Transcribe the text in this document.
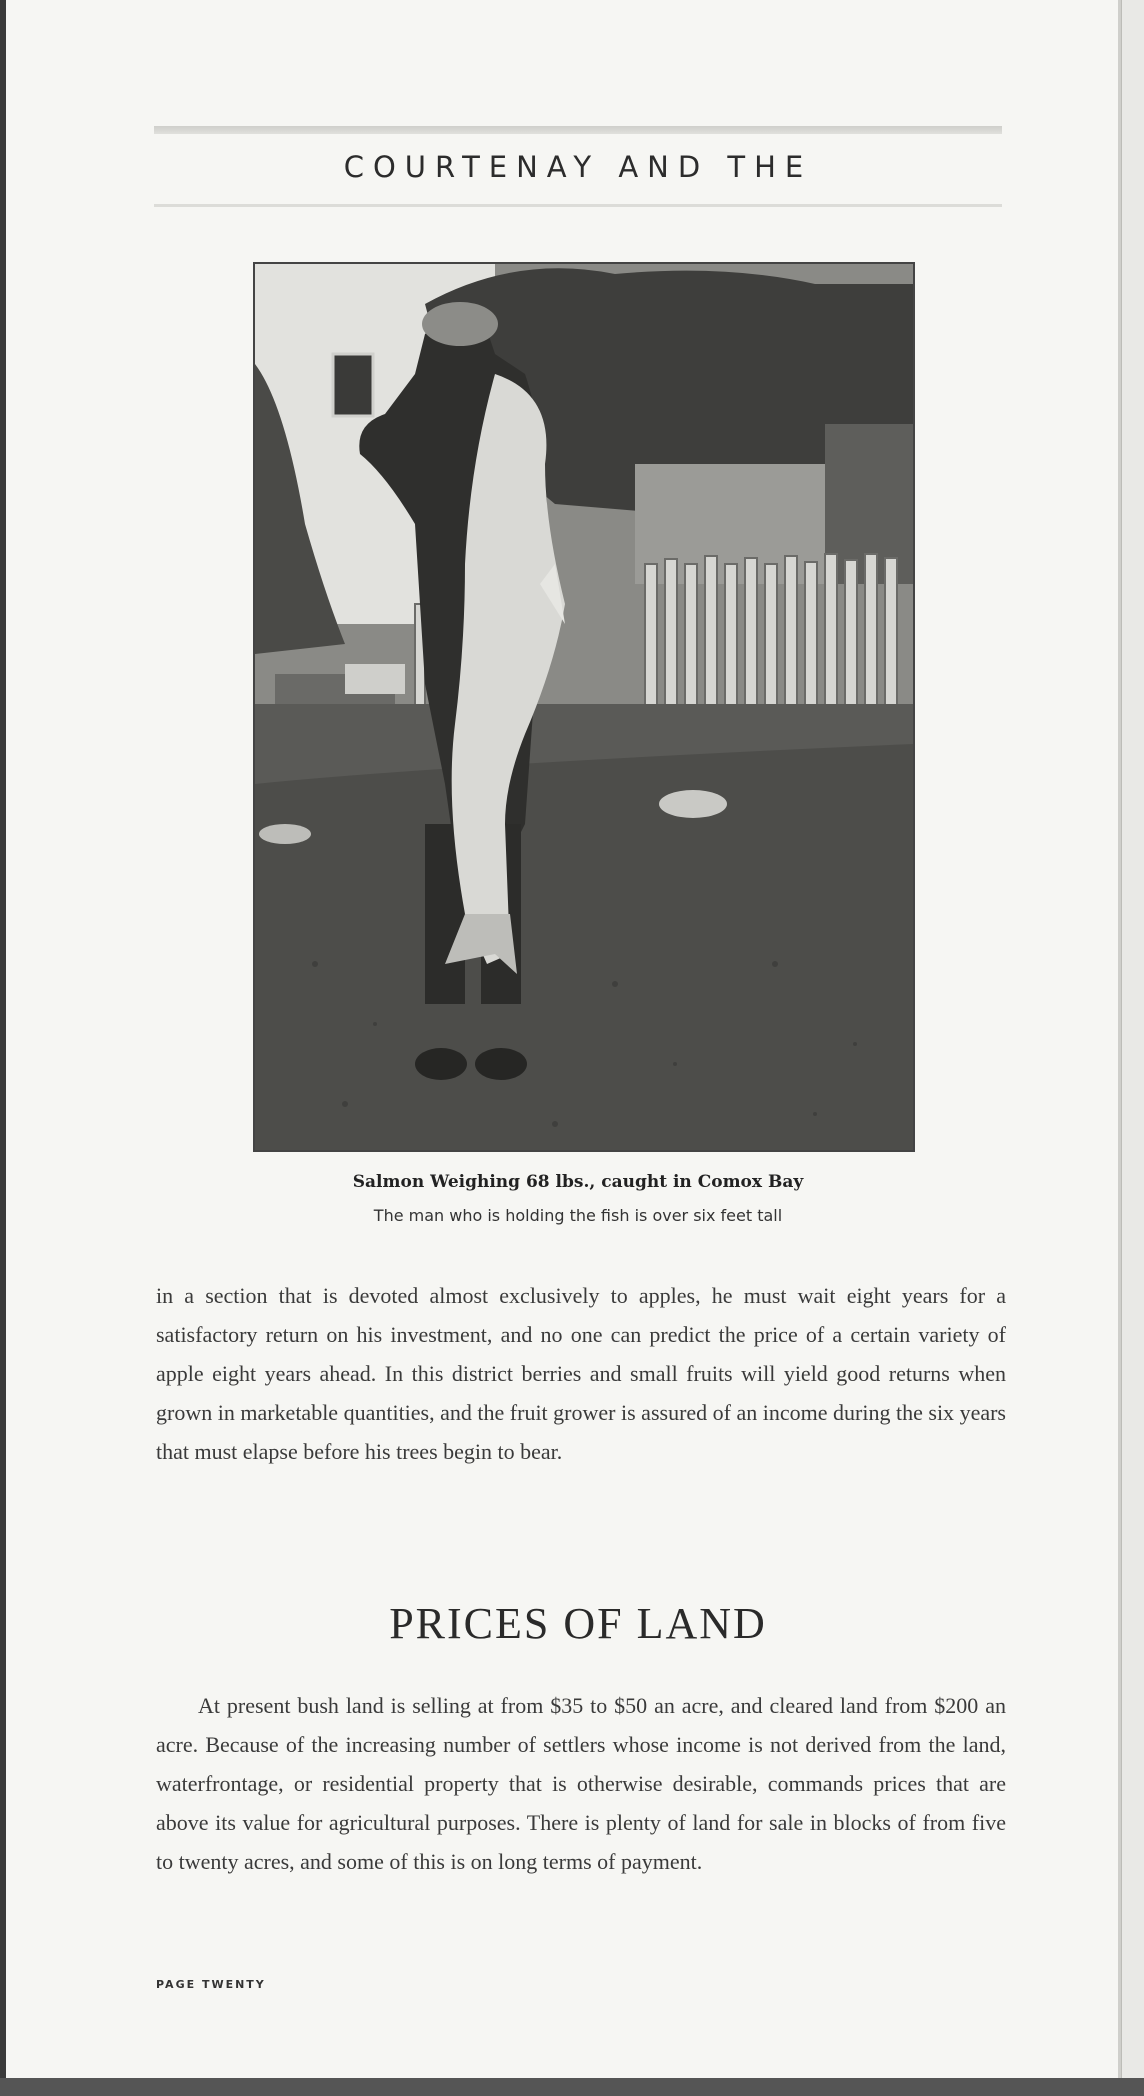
COURTENAY AND THE
Salmon Weighing 68 lbs., caught in Comox Bay
The man who is holding the fish is over six feet tall
in a section that is devoted almost exclusively to apples, he must wait eight years for a satisfactory return on his investment, and no one can predict the price of a certain variety of apple eight years ahead. In this district berries and small fruits will yield good returns when grown in marketable quantities, and the fruit grower is assured of an income during the six years that must elapse before his trees begin to bear.
PRICES OF LAND
At present bush land is selling at from $35 to $50 an acre, and cleared land from $200 an acre. Because of the increasing number of settlers whose income is not derived from the land, waterfrontage, or residential property that is otherwise desirable, commands prices that are above its value for agricultural purposes. There is plenty of land for sale in blocks of from five to twenty acres, and some of this is on long terms of payment.
PAGE TWENTY
